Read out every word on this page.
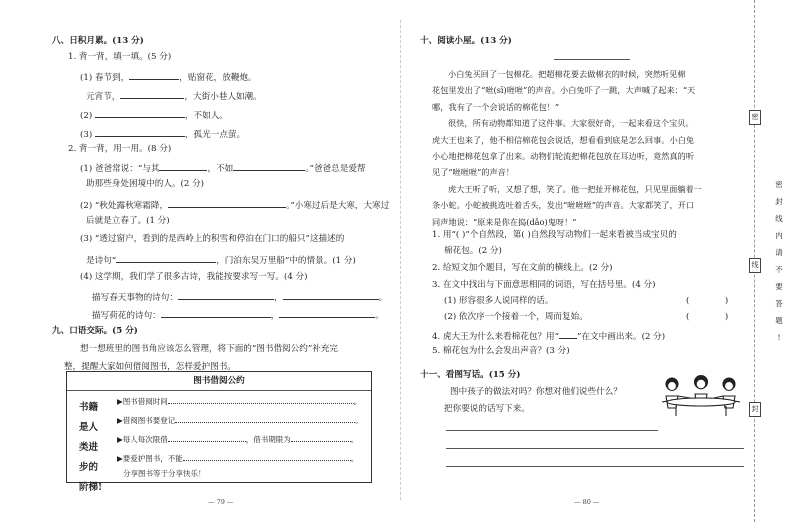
八、日积月累。(13 分)
1. 背一背，填一填。(5 分)
(1) 春节到，	，贴窗花，放鞭炮。
元宵节，	，大街小巷人如潮。
(2)	，不如人。
(3)	，孤光一点萤。
2. 背一背，用一用。(8 分)
(1) 爸爸常说：“与其	，不如	。”爸爸总是爱帮
助那些身处困境中的人。(2 分)
(2) “秋处露秋寒霜降，	。”小寒过后是大寒，大寒过
后就是立春了。(1 分)
(3) “透过窗户，看到的是西岭上的积雪和停泊在门口的船只”这描述的
是诗句“	，门泊东吴万里船”中的情景。(1 分)
(4) 这学期，我们学了很多古诗，我能按要求写一写。(4 分)
描写春天事物的诗句：	，	。
描写荷花的诗句：	，	。
九、口语交际。(5 分)
想一想班里的图书角应该怎么管理，将下面的“图书借阅公约”补充完
整，提醒大家如何借阅图书，怎样爱护图书。
图书借阅公约
书籍
是人
类进
步的
阶梯!
▶图书借阅时间	。
▶借阅图书要登记	。
▶每人每次限借	，借书期限为	。
▶要爱护图书，不能	。
分享图书等于分享快乐！
— 79 —
十、阅读小屋。(13 分)
小白兔买回了一包棉花。把超棉花要去做棉衣的时候，突然听见棉
花包里发出了“咝(sī)咝咝”的声音。小白兔吓了一跳，大声喊了起来：“天
哪，我有了一个会说话的棉花包！”
很快，所有动物都知道了这件事。大家很好奇，一起来看这个宝贝。
虎大王也来了，他不相信棉花包会说话，想看看到底是怎么回事。小白兔
小心地把棉花包拿了出来。动物们轮流把棉花包放在耳边听，竟然真的听
见了“咝咝咝”的声音！
虎大王听了听，又想了想，笑了。他一把扯开棉花包，只见里面躺着一
条小蛇。小蛇被挑选吐着舌头，发出“咝咝咝”的声音。大家都笑了，开口
同声地说：“原来是你在捣(dǎo)鬼呀！”
1. 用“( )”个自然段，第( )自然段写动物们一起来看被当成宝贝的
棉花包。(2 分)
2. 给短文加个题目，写在文前的横线上。(2 分)
3. 在文中找出与下面意思相同的词语，写在括号里。(4 分)
(1) 形容很多人说同样的话。	(             )
(2) 依次序一个接着一个，周而复始。	(             )
4. 虎大王为什么来看棉花包？用“ ”在文中画出来。(2 分)
5. 棉花包为什么会发出声音？(3 分)
十一、看图写话。(15 分)
图中孩子的做法对吗？你想对他们说些什么？
把你要说的话写下来。
— 80 —
密
线
封
密
封
线
内
请
不
要
答
题
!
